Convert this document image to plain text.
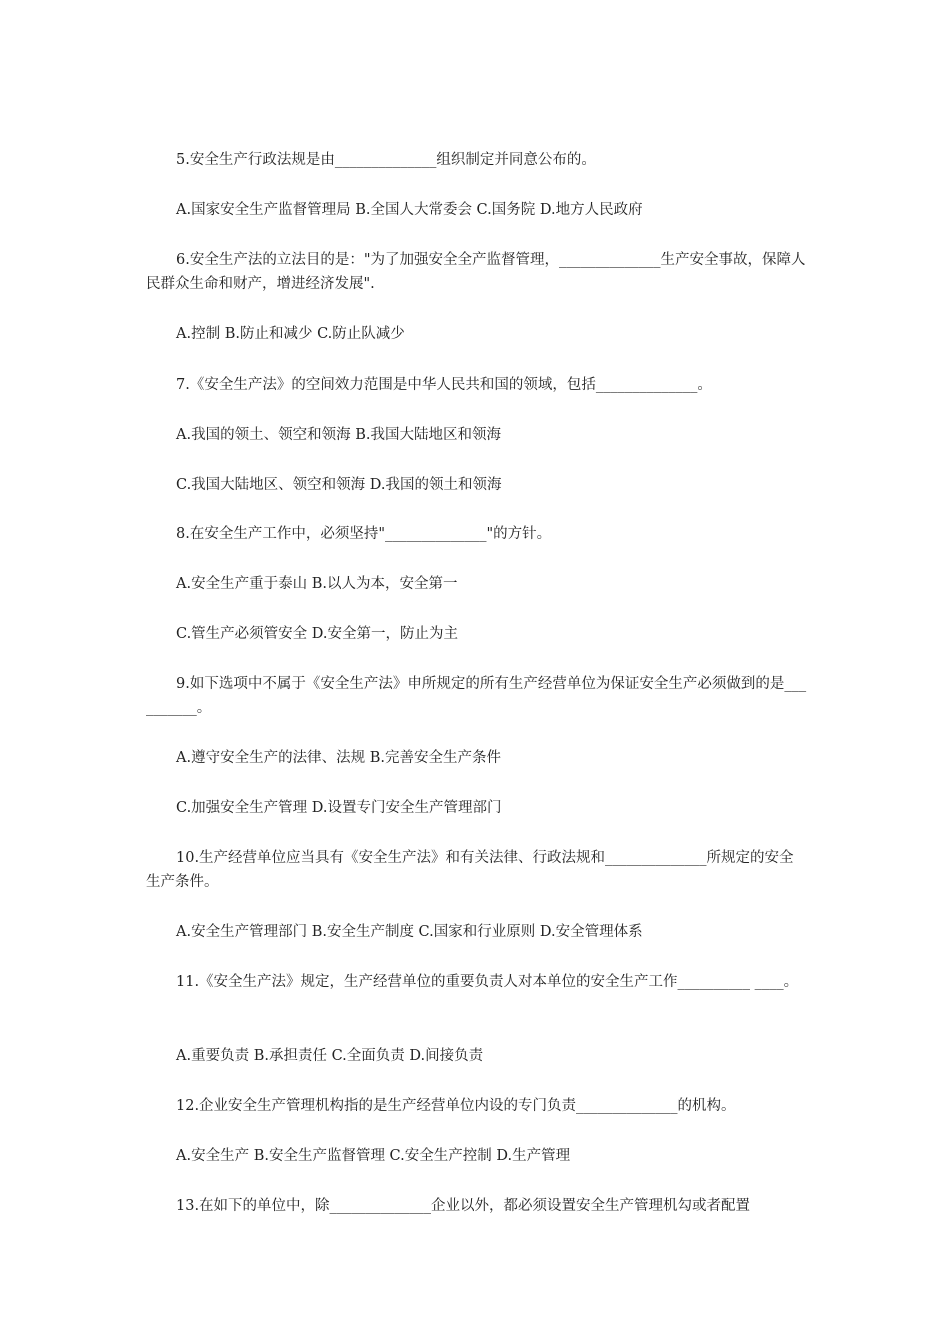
5.安全生产行政法规是由______________组织制定并同意公布的。

A.国家安全生产监督管理局 B.全国人大常委会 C.国务院 D.地方人民政府

6.安全生产法的立法目的是："为了加强安全全产监督管理，______________生产安全事故，保障人民群众生命和财产，增进经济发展".

A.控制 B.防止和减少 C.防止队减少

7.《安全生产法》的空间效力范围是中华人民共和国的领域，包括______________。

A.我国的领土、领空和领海 B.我国大陆地区和领海

C.我国大陆地区、领空和领海 D.我国的领土和领海

8.在安全生产工作中，必须坚持"______________"的方针。

A.安全生产重于泰山 B.以人为本，安全第一

C.管生产必须管安全 D.安全第一，防止为主

9.如下选项中不属于《安全生产法》申所规定的所有生产经营单位为保证安全生产必须做到的是__________。

A.遵守安全生产的法律、法规 B.完善安全生产条件

C.加强安全生产管理 D.设置专门安全生产管理部门

10.生产经营单位应当具有《安全生产法》和有关法律、行政法规和______________所规定的安全生产条件。

A.安全生产管理部门 B.安全生产制度 C.国家和行业原则 D.安全管理体系

11.《安全生产法》规定，生产经营单位的重要负责人对本单位的安全生产工作__________ ____。

A.重要负责 B.承担责任 C.全面负责 D.间接负责

12.企业安全生产管理机构指的是生产经营单位内设的专门负责______________的机构。

A.安全生产 B.安全生产监督管理 C.安全生产控制 D.生产管理

13.在如下的单位中，除______________企业以外，都必须设置安全生产管理机勾或者配置
